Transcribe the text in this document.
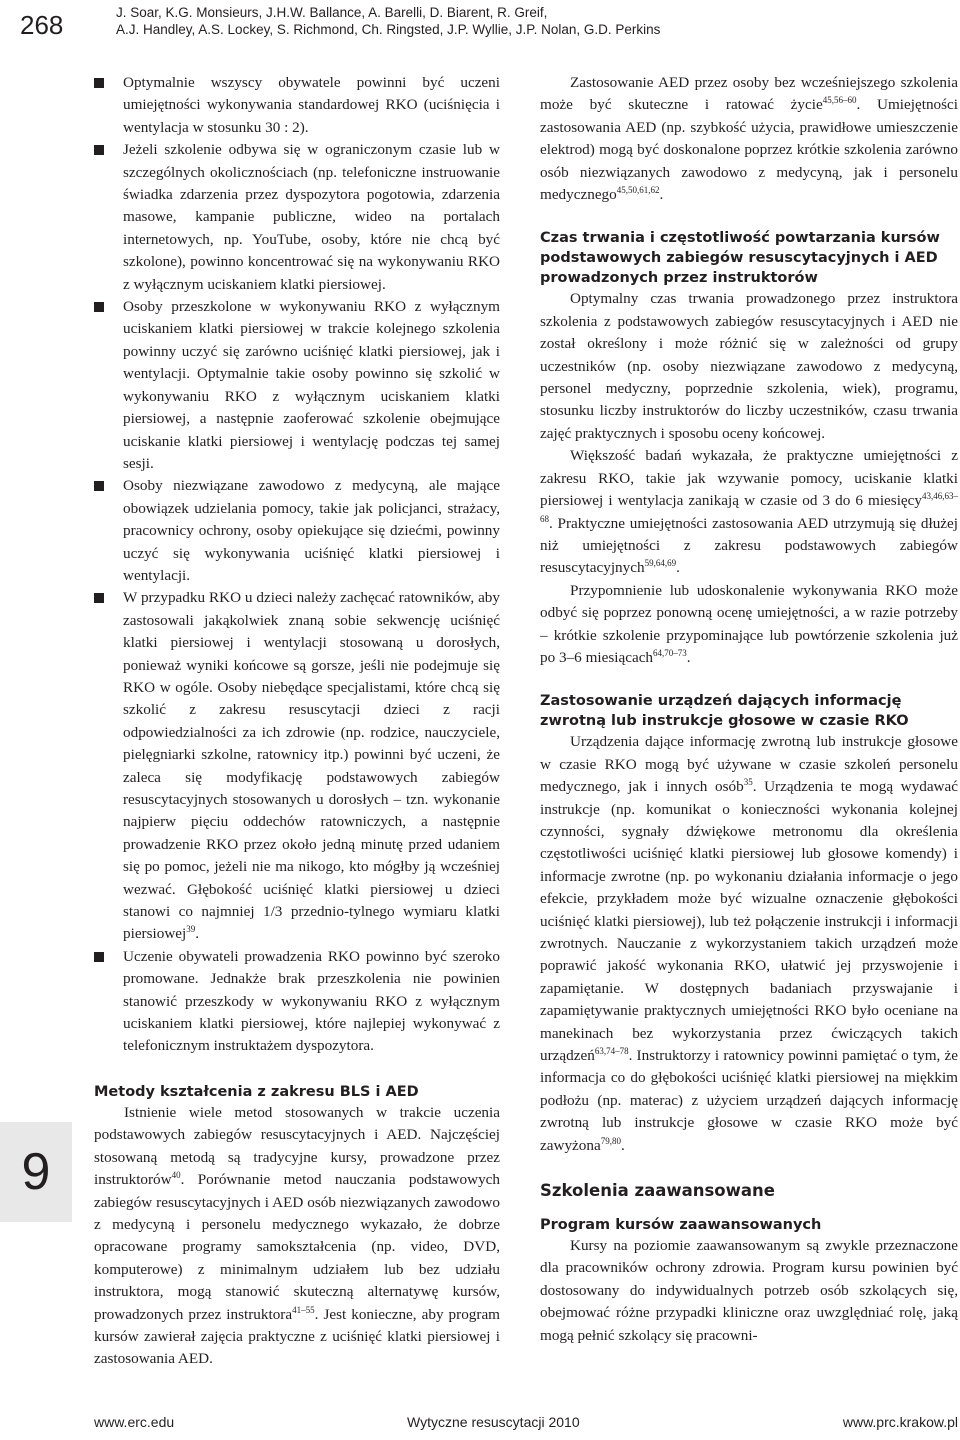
268	J. Soar, K.G. Monsieurs, J.H.W. Ballance, A. Barelli, D. Biarent, R. Greif,
A.J. Handley, A.S. Lockey, S. Richmond, Ch. Ringsted, J.P. Wyllie, J.P. Nolan, G.D. Perkins
Optymalnie wszyscy obywatele powinni być uczeni umiejętności wykonywania standardowej RKO (uciśnięcia i wentylacja w stosunku 30 : 2).
Jeżeli szkolenie odbywa się w ograniczonym czasie lub w szczególnych okolicznościach (np. telefoniczne instruowanie świadka zdarzenia przez dyspozytora pogotowia, zdarzenia masowe, kampanie publiczne, wideo na portalach internetowych, np. YouTube, osoby, które nie chcą być szkolone), powinno koncentrować się na wykonywaniu RKO z wyłącznym uciskaniem klatki piersiowej.
Osoby przeszkolone w wykonywaniu RKO z wyłącznym uciskaniem klatki piersiowej w trakcie kolejnego szkolenia powinny uczyć się zarówno uciśnięć klatki piersiowej, jak i wentylacji. Optymalnie takie osoby powinno się szkolić w wykonywaniu RKO z wyłącznym uciskaniem klatki piersiowej, a następnie zaoferować szkolenie obejmujące uciskanie klatki piersiowej i wentylację podczas tej samej sesji.
Osoby niezwiązane zawodowo z medycyną, ale mające obowiązek udzielania pomocy, takie jak policjanci, strażacy, pracownicy ochrony, osoby opiekujące się dziećmi, powinny uczyć się wykonywania uciśnięć klatki piersiowej i wentylacji.
W przypadku RKO u dzieci należy zachęcać ratowników, aby zastosowali jakąkolwiek znaną sobie sekwencję uciśnięć klatki piersiowej i wentylacji stosowaną u dorosłych, ponieważ wyniki końcowe są gorsze, jeśli nie podejmuje się RKO w ogóle. Osoby niebędące specjalistami, które chcą się szkolić z zakresu resuscytacji dzieci z racji odpowiedzialności za ich zdrowie (np. rodzice, nauczyciele, pielęgniarki szkolne, ratownicy itp.) powinni być uczeni, że zaleca się modyfikację podstawowych zabiegów resuscytacyjnych stosowanych u dorosłych – tzn. wykonanie najpierw pięciu oddechów ratowniczych, a następnie prowadzenie RKO przez około jedną minutę przed udaniem się po pomoc, jeżeli nie ma nikogo, kto mógłby ją wcześniej wezwać. Głębokość uciśnięć klatki piersiowej u dzieci stanowi co najmniej 1/3 przednio-tylnego wymiaru klatki piersiowej$^{39}$.
Uczenie obywateli prowadzenia RKO powinno być szeroko promowane. Jednakże brak przeszkolenia nie powinien stanowić przeszkody w wykonywaniu RKO z wyłącznym uciskaniem klatki piersiowej, które najlepiej wykonywać z telefonicznym instruktażem dyspozytora.
Metody kształcenia z zakresu BLS i AED

Istnienie wiele metod stosowanych w trakcie uczenia podstawowych zabiegów resuscytacyjnych i AED. Najczęściej stosowaną metodą są tradycyjne kursy, prowadzone przez instruktorów$^{40}$. Porównanie metod nauczania podstawowych zabiegów resuscytacyjnych i AED osób niezwiązanych zawodowo z medycyną i personelu medycznego wykazało, że dobrze opracowane programy samokształcenia (np. video, DVD, komputerowe) z minimalnym udziałem lub bez udziału instruktora, mogą stanowić skuteczną alternatywę kursów, prowadzonych przez instruktora$^{41-55}$. Jest konieczne, aby program kursów zawierał zajęcia praktyczne z uciśnięć klatki piersiowej i zastosowania AED.

Zastosowanie AED przez osoby bez wcześniejszego szkolenia może być skuteczne i ratować życie$^{45,56-60}$. Umiejętności zastosowania AED (np. szybkość użycia, prawidłowe umieszczenie elektrod) mogą być doskonalone poprzez krótkie szkolenia zarówno osób niezwiązanych zawodowo z medycyną, jak i personelu medycznego$^{45,50,61,62}$.

Czas trwania i częstotliwość powtarzania kursów podstawowych zabiegów resuscytacyjnych i AED prowadzonych przez instruktorów

Optymalny czas trwania prowadzonego przez instruktora szkolenia z podstawowych zabiegów resuscytacyjnych i AED nie został określony i może różnić się w zależności od grupy uczestników (np. osoby niezwiązane zawodowo z medycyną, personel medyczny, poprzednie szkolenia, wiek), programu, stosunku liczby instruktorów do liczby uczestników, czasu trwania zajęć praktycznych i sposobu oceny końcowej.

Większość badań wykazała, że praktyczne umiejętności z zakresu RKO, takie jak wzywanie pomocy, uciskanie klatki piersiowej i wentylacja zanikają w czasie od 3 do 6 miesięcy$^{43,46,63-68}$. Praktyczne umiejętności zastosowania AED utrzymują się dłużej niż umiejętności z zakresu podstawowych zabiegów resuscytacyjnych$^{59,64,69}$.

Przypomnienie lub udoskonalenie wykonywania RKO może odbyć się poprzez ponowną ocenę umiejętności, a w razie potrzeby – krótkie szkolenie przypominające lub powtórzenie szkolenia już po 3–6 miesiącach$^{64,70-73}$.

Zastosowanie urządzeń dających informację zwrotną lub instrukcje głosowe w czasie RKO

Urządzenia dające informację zwrotną lub instrukcje głosowe w czasie RKO mogą być używane w czasie szkoleń personelu medycznego, jak i innych osób$^{35}$. Urządzenia te mogą wydawać instrukcje (np. komunikat o konieczności wykonania kolejnej czynności, sygnały dźwiękowe metronomu dla określenia częstotliwości uciśnięć klatki piersiowej lub głosowe komendy) i informacje zwrotne (np. po wykonaniu działania informacje o jego efekcie, przykładem może być wizualne oznaczenie głębokości uciśnięć klatki piersiowej), lub też połączenie instrukcji i informacji zwrotnych. Nauczanie z wykorzystaniem takich urządzeń może poprawić jakość wykonania RKO, ułatwić jej przyswojenie i zapamiętanie. W dostępnych badaniach przyswajanie i zapamiętywanie praktycznych umiejętności RKO było oceniane na manekinach bez wykorzystania przez ćwiczących takich urządzeń$^{63,74-78}$. Instruktorzy i ratownicy powinni pamiętać o tym, że informacja co do głębokości uciśnięć klatki piersiowej na miękkim podłożu (np. materac) z użyciem urządzeń dających informację zwrotną lub instrukcje głosowe w czasie RKO może być zawyżona$^{79,80}$.

Szkolenia zaawansowane
Program kursów zaawansowanych

Kursy na poziomie zaawansowanym są zwykle przeznaczone dla pracowników ochrony zdrowia. Program kursu powinien być dostosowany do indywidualnych potrzeb osób szkolących się, obejmować różne przypadki kliniczne oraz uwzględniać rolę, jaką mogą pełnić szkolący się pracowni-

9
www.erc.edu	Wytyczne resuscytacji 2010	www.prc.krakow.pl
